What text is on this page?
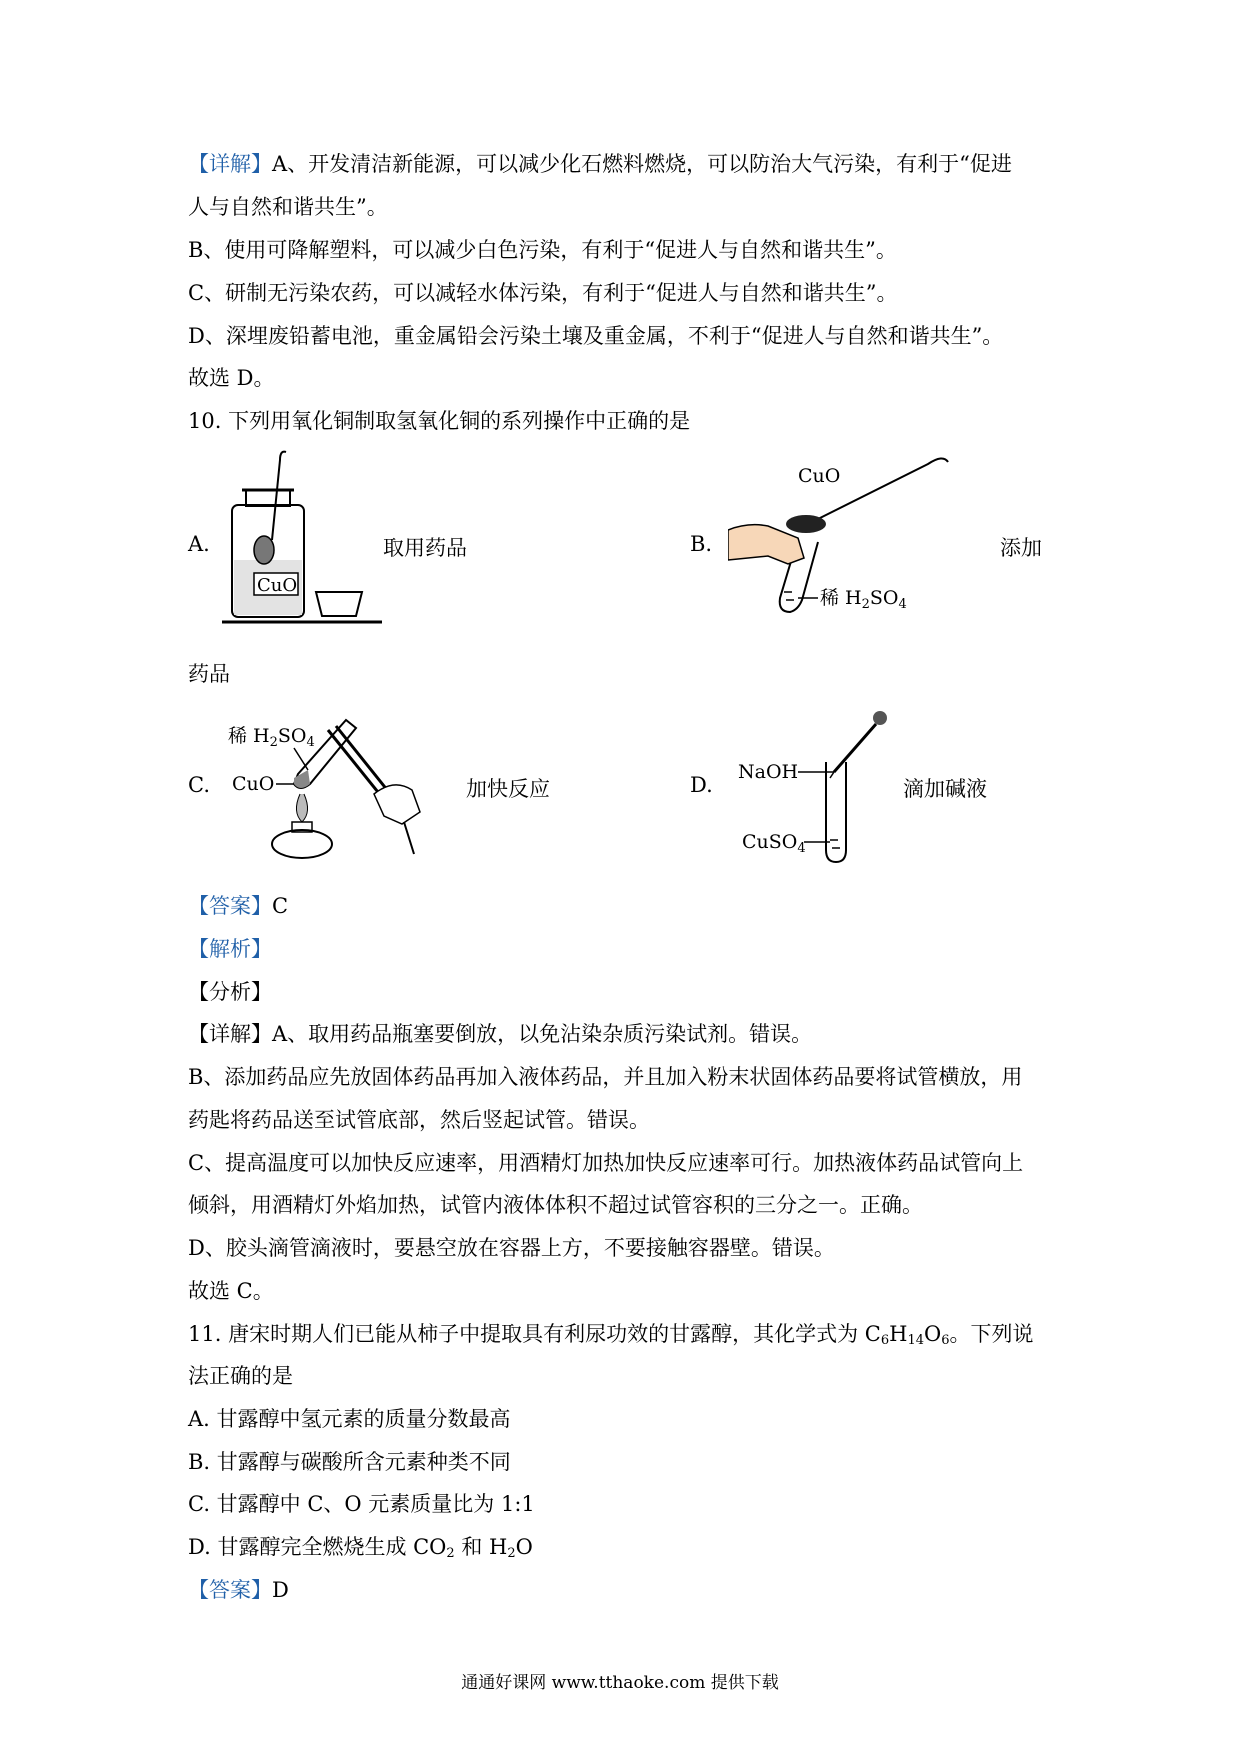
【详解】A、开发清洁新能源，可以减少化石燃料燃烧，可以防治大气污染，有利于“促进
人与自然和谐共生”。
B、使用可降解塑料，可以减少白色污染，有利于“促进人与自然和谐共生”。
C、研制无污染农药，可以减轻水体污染，有利于“促进人与自然和谐共生”。
D、深埋废铅蓄电池，重金属铅会污染土壤及重金属，不利于“促进人与自然和谐共生”。
故选 D。
10. 下列用氧化铜制取氢氧化铜的系列操作中正确的是
A.
CuO
取用药品	B.
CuO
稀 $H_2SO_4$
添加
药品
C.
稀 $H_2SO_4$
CuO	加快反应	D.
NaOH
CuSO$_4$
滴加碱液
【答案】C
【解析】
【分析】
【详解】A、取用药品瓶塞要倒放，以免沾染杂质污染试剂。错误。
B、添加药品应先放固体药品再加入液体药品，并且加入粉末状固体药品要将试管横放，用
药匙将药品送至试管底部，然后竖起试管。错误。
C、提高温度可以加快反应速率，用酒精灯加热加快反应速率可行。加热液体药品试管向上
倾斜，用酒精灯外焰加热，试管内液体体积不超过试管容积的三分之一。正确。
D、胶头滴管滴液时，要悬空放在容器上方，不要接触容器壁。错误。
故选 C。
11. 唐宋时期人们已能从柿子中提取具有利尿功效的甘露醇，其化学式为 $C_6H_{14}O_6$。下列说
法正确的是
A. 甘露醇中氢元素的质量分数最高
B. 甘露醇与碳酸所含元素种类不同
C. 甘露醇中 C、O 元素质量比为 1:1
D. 甘露醇完全燃烧生成 $CO_2$ 和 $H_2O$
【答案】D
通通好课网 www.tthaoke.com 提供下载
